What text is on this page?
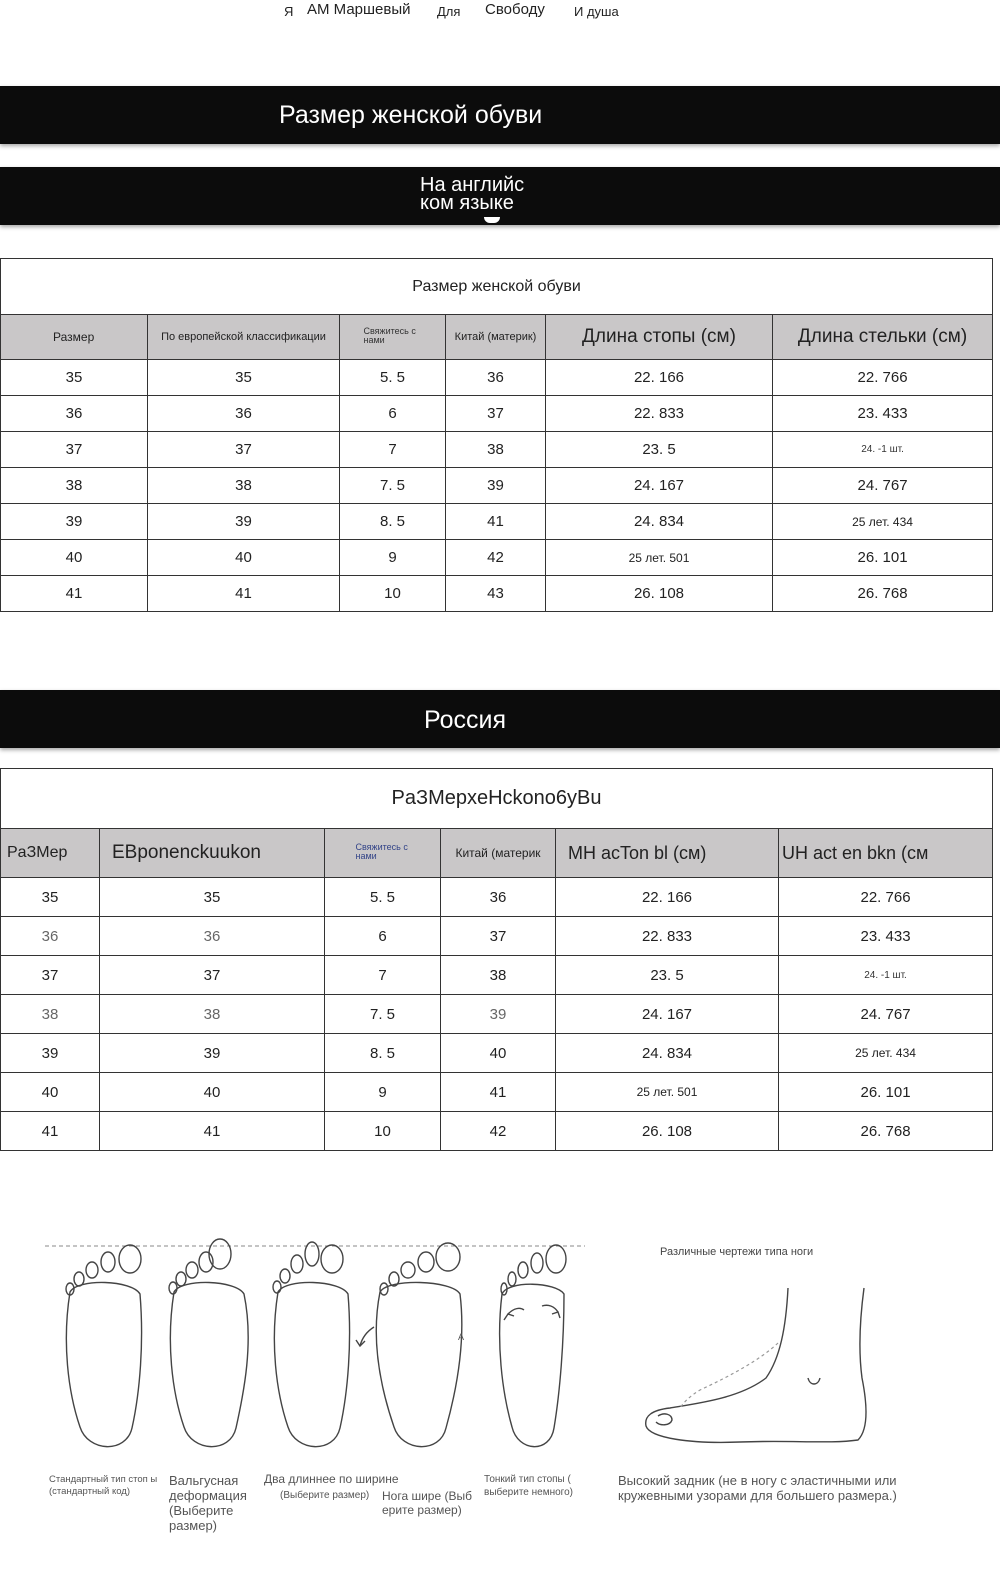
Я АМ Маршевый Для Свободу И душа
Размер женской обуви
На английс
ком языке
Размер женской обуви					
Размер	По европейской классификации	Свяжитесь с нами	Китай (материк)	Длина стопы (см)	Длина стельки (см)
35	35	5. 5	36	22. 166	22. 766
36	36	6	37	22. 833	23. 433
37	37	7	38	23. 5	24. -1 шт.
38	38	7. 5	39	24. 167	24. 767
39	39	8. 5	41	24. 834	25 лет. 434
40	40	9	42	25 лет. 501	26. 101
41	41	10	43	26. 108	26. 768
Россия
PaЗMepxeHckono6yBu					
PaЗMep	EBponenckuukon	Свяжитесь с нами	Китай (материк	MH acTon bl (см)	UH act en bkn (см
35	35	5. 5	36	22. 166	22. 766
36	36	6	37	22. 833	23. 433
37	37	7	38	23. 5	24. -1 шт.
38	38	7. 5	39	24. 167	24. 767
39	39	8. 5	40	24. 834	25 лет. 434
40	40	9	41	25 лет. 501	26. 101
41	41	10	42	26. 108	26. 768
A
Различные чертежи типа ноги
Стандартный тип стоп ы (стандартный код)
Вальгусная деформация (Выберите размер)
Два длиннее по ширине
(Выберите размер) Нога шире (Выб ерите размер)
Тонкий тип стопы ( выберите немного)
Высокий задник (не в ногу с эластичными или кружевными узорами для большего размера.)
